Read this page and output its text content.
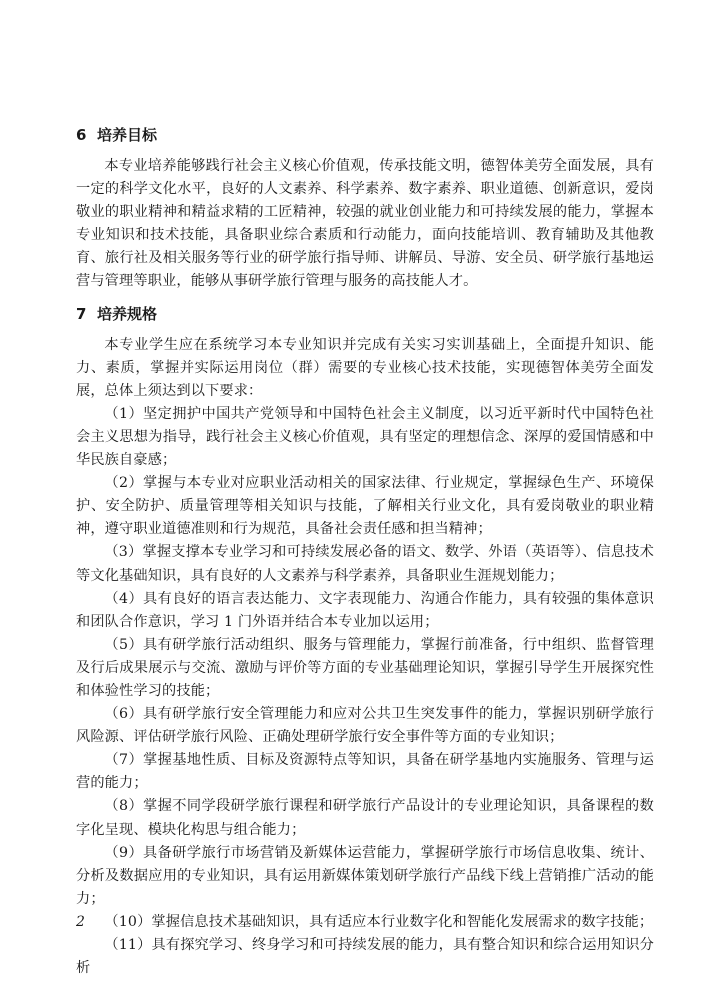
6 培养目标

本专业培养能够践行社会主义核心价值观，传承技能文明，德智体美劳全面发展，具有一定的科学文化水平，良好的人文素养、科学素养、数字素养、职业道德、创新意识，爱岗敬业的职业精神和精益求精的工匠精神，较强的就业创业能力和可持续发展的能力，掌握本专业知识和技术技能，具备职业综合素质和行动能力，面向技能培训、教育辅助及其他教育、旅行社及相关服务等行业的研学旅行指导师、讲解员、导游、安全员、研学旅行基地运营与管理等职业，能够从事研学旅行管理与服务的高技能人才。

7 培养规格

本专业学生应在系统学习本专业知识并完成有关实习实训基础上，全面提升知识、能力、素质，掌握并实际运用岗位（群）需要的专业核心技术技能，实现德智体美劳全面发展，总体上须达到以下要求：

（1）坚定拥护中国共产党领导和中国特色社会主义制度，以习近平新时代中国特色社会主义思想为指导，践行社会主义核心价值观，具有坚定的理想信念、深厚的爱国情感和中华民族自豪感；

（2）掌握与本专业对应职业活动相关的国家法律、行业规定，掌握绿色生产、环境保护、安全防护、质量管理等相关知识与技能，了解相关行业文化，具有爱岗敬业的职业精神，遵守职业道德准则和行为规范，具备社会责任感和担当精神；

（3）掌握支撑本专业学习和可持续发展必备的语文、数学、外语（英语等）、信息技术等文化基础知识，具有良好的人文素养与科学素养，具备职业生涯规划能力；

（4）具有良好的语言表达能力、文字表现能力、沟通合作能力，具有较强的集体意识和团队合作意识，学习 1 门外语并结合本专业加以运用；

（5）具有研学旅行活动组织、服务与管理能力，掌握行前准备，行中组织、监督管理及行后成果展示与交流、激励与评价等方面的专业基础理论知识，掌握引导学生开展探究性和体验性学习的技能；

（6）具有研学旅行安全管理能力和应对公共卫生突发事件的能力，掌握识别研学旅行风险源、评估研学旅行风险、正确处理研学旅行安全事件等方面的专业知识；

（7）掌握基地性质、目标及资源特点等知识，具备在研学基地内实施服务、管理与运营的能力；

（8）掌握不同学段研学旅行课程和研学旅行产品设计的专业理论知识，具备课程的数字化呈现、模块化构思与组合能力；

（9）具备研学旅行市场营销及新媒体运营能力，掌握研学旅行市场信息收集、统计、分析及数据应用的专业知识，具有运用新媒体策划研学旅行产品线下线上营销推广活动的能力；

（10）掌握信息技术基础知识，具有适应本行业数字化和智能化发展需求的数字技能；

（11）具有探究学习、终身学习和可持续发展的能力，具有整合知识和综合运用知识分析

2
